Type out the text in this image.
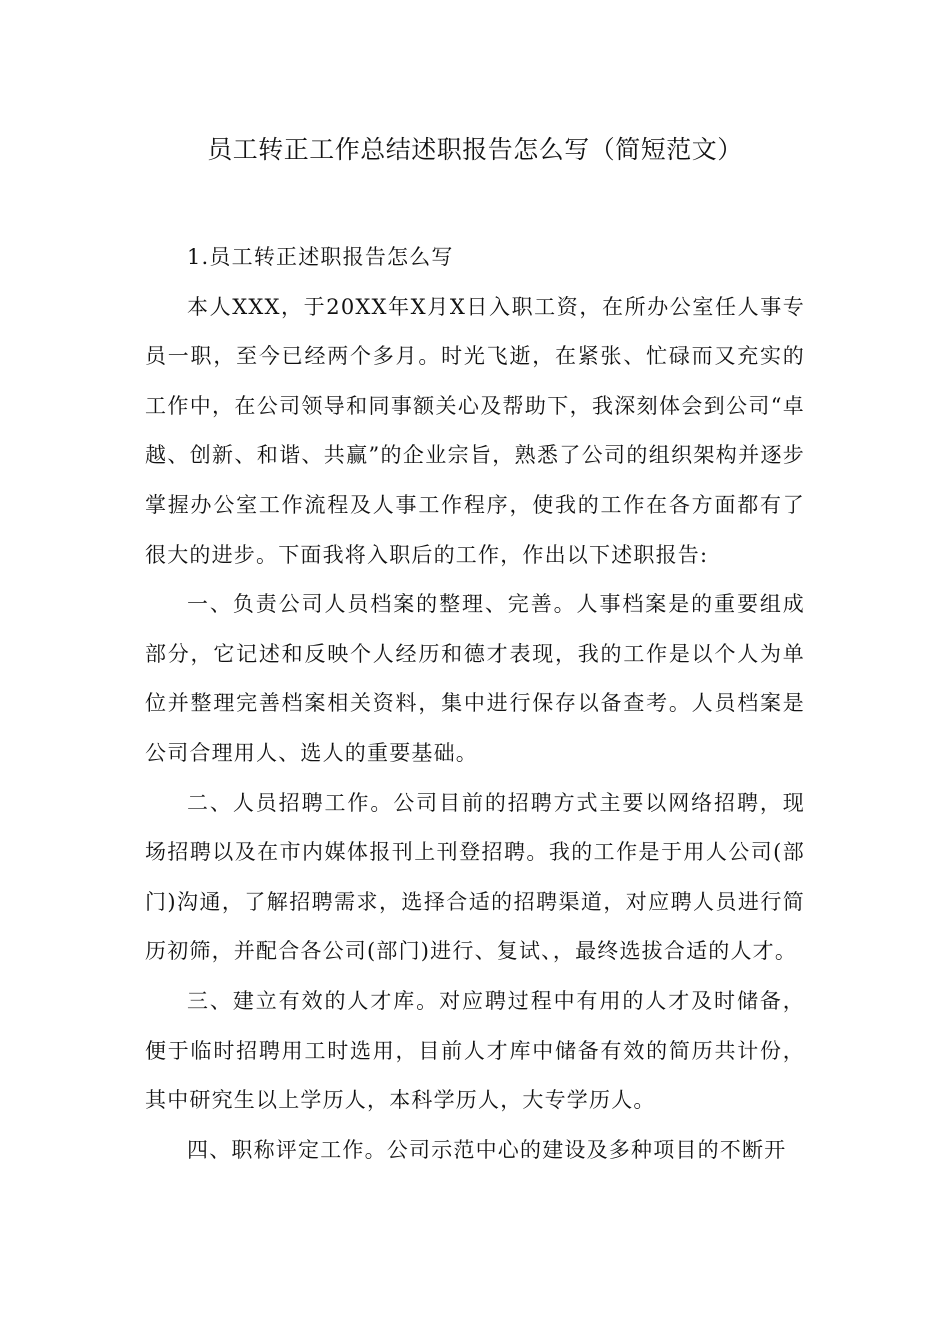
员工转正工作总结述职报告怎么写（简短范文）

1.员工转正述职报告怎么写

本人XXX，于20XX年X月X日入职工资，在所办公室任人事专员一职，至今已经两个多月。时光飞逝，在紧张、忙碌而又充实的工作中，在公司领导和同事额关心及帮助下，我深刻体会到公司“卓越、创新、和谐、共赢”的企业宗旨，熟悉了公司的组织架构并逐步掌握办公室工作流程及人事工作程序，使我的工作在各方面都有了很大的进步。下面我将入职后的工作，作出以下述职报告:

一、负责公司人员档案的整理、完善。人事档案是的重要组成部分，它记述和反映个人经历和德才表现，我的工作是以个人为单位并整理完善档案相关资料，集中进行保存以备查考。人员档案是公司合理用人、选人的重要基础。

二、人员招聘工作。公司目前的招聘方式主要以网络招聘，现场招聘以及在市内媒体报刊上刊登招聘。我的工作是于用人公司(部门)沟通，了解招聘需求，选择合适的招聘渠道，对应聘人员进行简历初筛，并配合各公司(部门)进行、复试、，最终选拔合适的人才。

三、建立有效的人才库。对应聘过程中有用的人才及时储备，便于临时招聘用工时选用，目前人才库中储备有效的简历共计份，其中研究生以上学历人，本科学历人，大专学历人。

四、职称评定工作。公司示范中心的建设及多种项目的不断开
